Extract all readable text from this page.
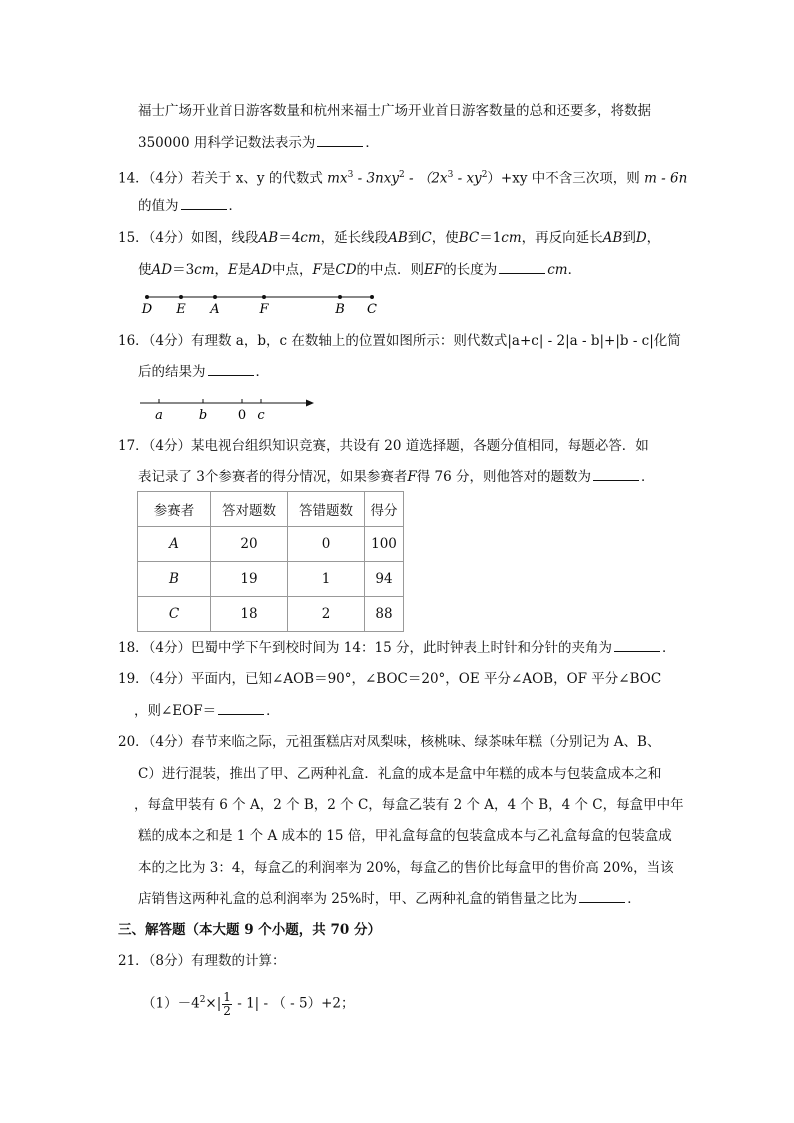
福士广场开业首日游客数量和杭州来福士广场开业首日游客数量的总和还要多，将数据
350000 用科学记数法表示为	．
14．（4分）若关于 x、y 的代数式 $mx^3 - 3nxy^2 - (2x^3 - xy^2)+xy$ 中不含三次项，则 m - 6n
的值为	．
15．（4分）如图，线段AB＝4cm，延长线段AB到C，使BC＝1cm，再反向延长AB到D，
使AD＝3cm，E是AD中点，F是CD的中点．则EF的长度为	cm．
D E A	F	B C
16．（4分）有理数 a，b，c 在数轴上的位置如图所示：则代数式|a+c| - 2|a - b|+|b - c|化简
后的结果为	．
a	b 0 c
17．（4分）某电视台组织知识竞赛，共设有 20 道选择题，各题分值相同，每题必答．如
表记录了 3个参赛者的得分情况，如果参赛者F得 76 分，则他答对的题数为	．
参赛者	答对题数	答错题数	得分
A	20	0	100
B	19	1	94
C	18	2	88
18．（4分）巴蜀中学下午到校时间为 14：15 分，此时钟表上时针和分针的夹角为	．
19．（4分）平面内，已知∠AOB＝90°，∠BOC＝20°，OE 平分∠AOB，OF 平分∠BOC
，则∠EOF＝	．
20．（4分）春节来临之际，元祖蛋糕店对凤梨味，核桃味、绿茶味年糕（分别记为 A、B、
C）进行混装，推出了甲、乙两种礼盒．礼盒的成本是盒中年糕的成本与包装盒成本之和
，每盒甲装有 6 个 A，2 个 B，2 个 C，每盒乙装有 2 个 A，4 个 B，4 个 C，每盒甲中年
糕的成本之和是 1 个 A 成本的 15 倍，甲礼盒每盒的包装盒成本与乙礼盒每盒的包装盒成
本的之比为 3：4，每盒乙的利润率为 20%，每盒乙的售价比每盒甲的售价高 20%，当该
店销售这两种礼盒的总利润率为 25%时，甲、乙两种礼盒的销售量之比为	．
三、解答题（本大题 9 个小题，共 70 分）
21．（8分）有理数的计算：
$(1)-4^2\times| \frac{1}{2} - 1|$ - （ - 5）+2；
